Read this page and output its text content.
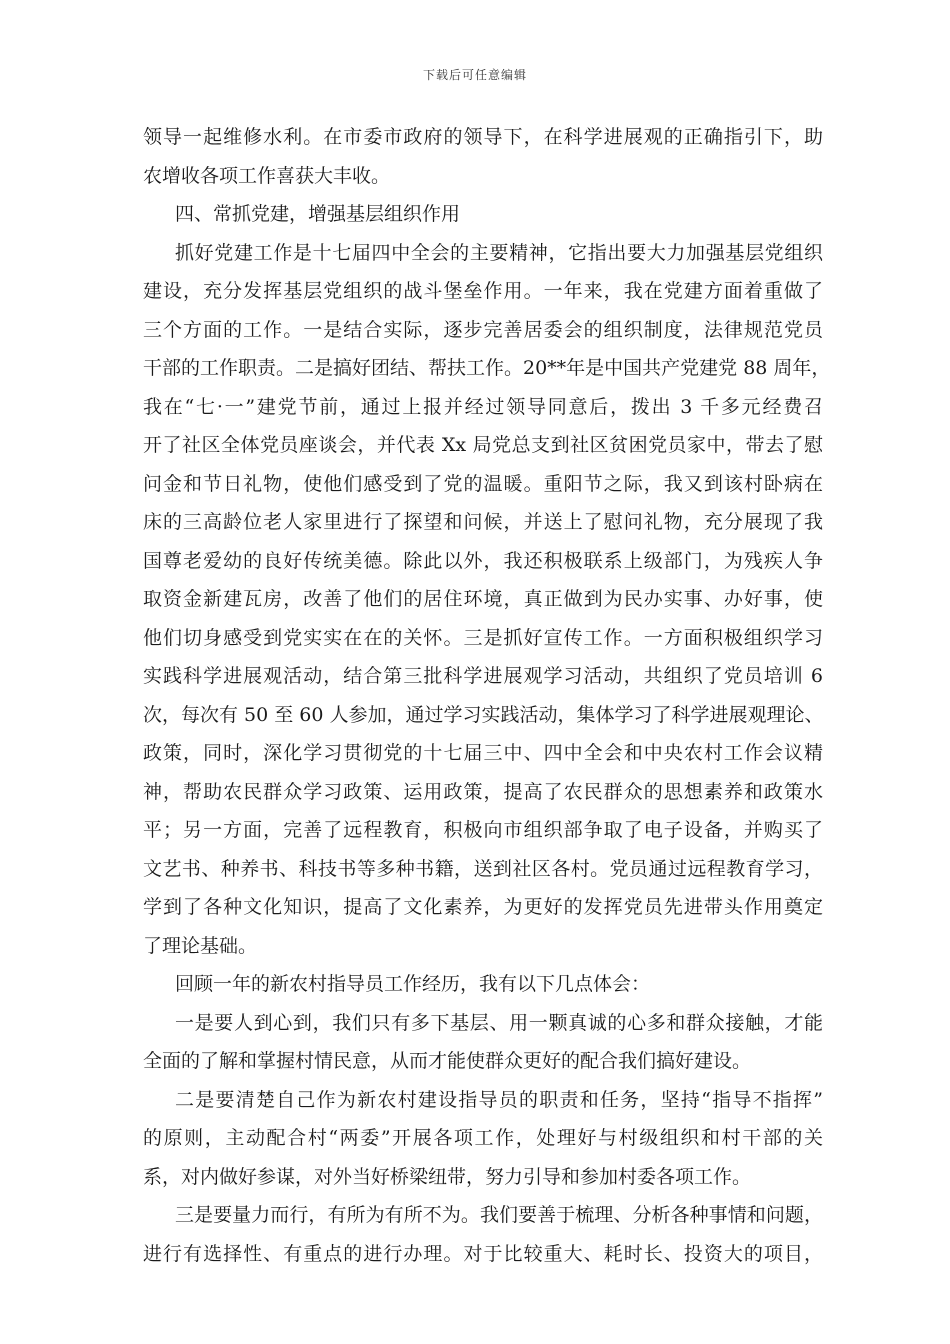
下载后可任意编辑
领导一起维修水利。在市委市政府的领导下，在科学进展观的正确指引下，助
农增收各项工作喜获大丰收。
四、常抓党建，增强基层组织作用
抓好党建工作是十七届四中全会的主要精神，它指出要大力加强基层党组织
建设，充分发挥基层党组织的战斗堡垒作用。一年来，我在党建方面着重做了
三个方面的工作。一是结合实际，逐步完善居委会的组织制度，法律规范党员
干部的工作职责。二是搞好团结、帮扶工作。20**年是中国共产党建党 88 周年，
我在“七·一”建党节前，通过上报并经过领导同意后，拨出 3 千多元经费召
开了社区全体党员座谈会，并代表 Xx 局党总支到社区贫困党员家中，带去了慰
问金和节日礼物，使他们感受到了党的温暖。重阳节之际，我又到该村卧病在
床的三高龄位老人家里进行了探望和问候，并送上了慰问礼物，充分展现了我
国尊老爱幼的良好传统美德。除此以外，我还积极联系上级部门，为残疾人争
取资金新建瓦房，改善了他们的居住环境，真正做到为民办实事、办好事，使
他们切身感受到党实实在在的关怀。三是抓好宣传工作。一方面积极组织学习
实践科学进展观活动，结合第三批科学进展观学习活动，共组织了党员培训 6
次，每次有 50 至 60 人参加，通过学习实践活动，集体学习了科学进展观理论、
政策，同时，深化学习贯彻党的十七届三中、四中全会和中央农村工作会议精
神，帮助农民群众学习政策、运用政策，提高了农民群众的思想素养和政策水
平；另一方面，完善了远程教育，积极向市组织部争取了电子设备，并购买了
文艺书、种养书、科技书等多种书籍，送到社区各村。党员通过远程教育学习，
学到了各种文化知识，提高了文化素养，为更好的发挥党员先进带头作用奠定
了理论基础。
回顾一年的新农村指导员工作经历，我有以下几点体会：
一是要人到心到，我们只有多下基层、用一颗真诚的心多和群众接触，才能
全面的了解和掌握村情民意，从而才能使群众更好的配合我们搞好建设。
二是要清楚自己作为新农村建设指导员的职责和任务，坚持“指导不指挥”
的原则，主动配合村“两委”开展各项工作，处理好与村级组织和村干部的关
系，对内做好参谋，对外当好桥梁纽带，努力引导和参加村委各项工作。
三是要量力而行，有所为有所不为。我们要善于梳理、分析各种事情和问题，
进行有选择性、有重点的进行办理。对于比较重大、耗时长、投资大的项目，
